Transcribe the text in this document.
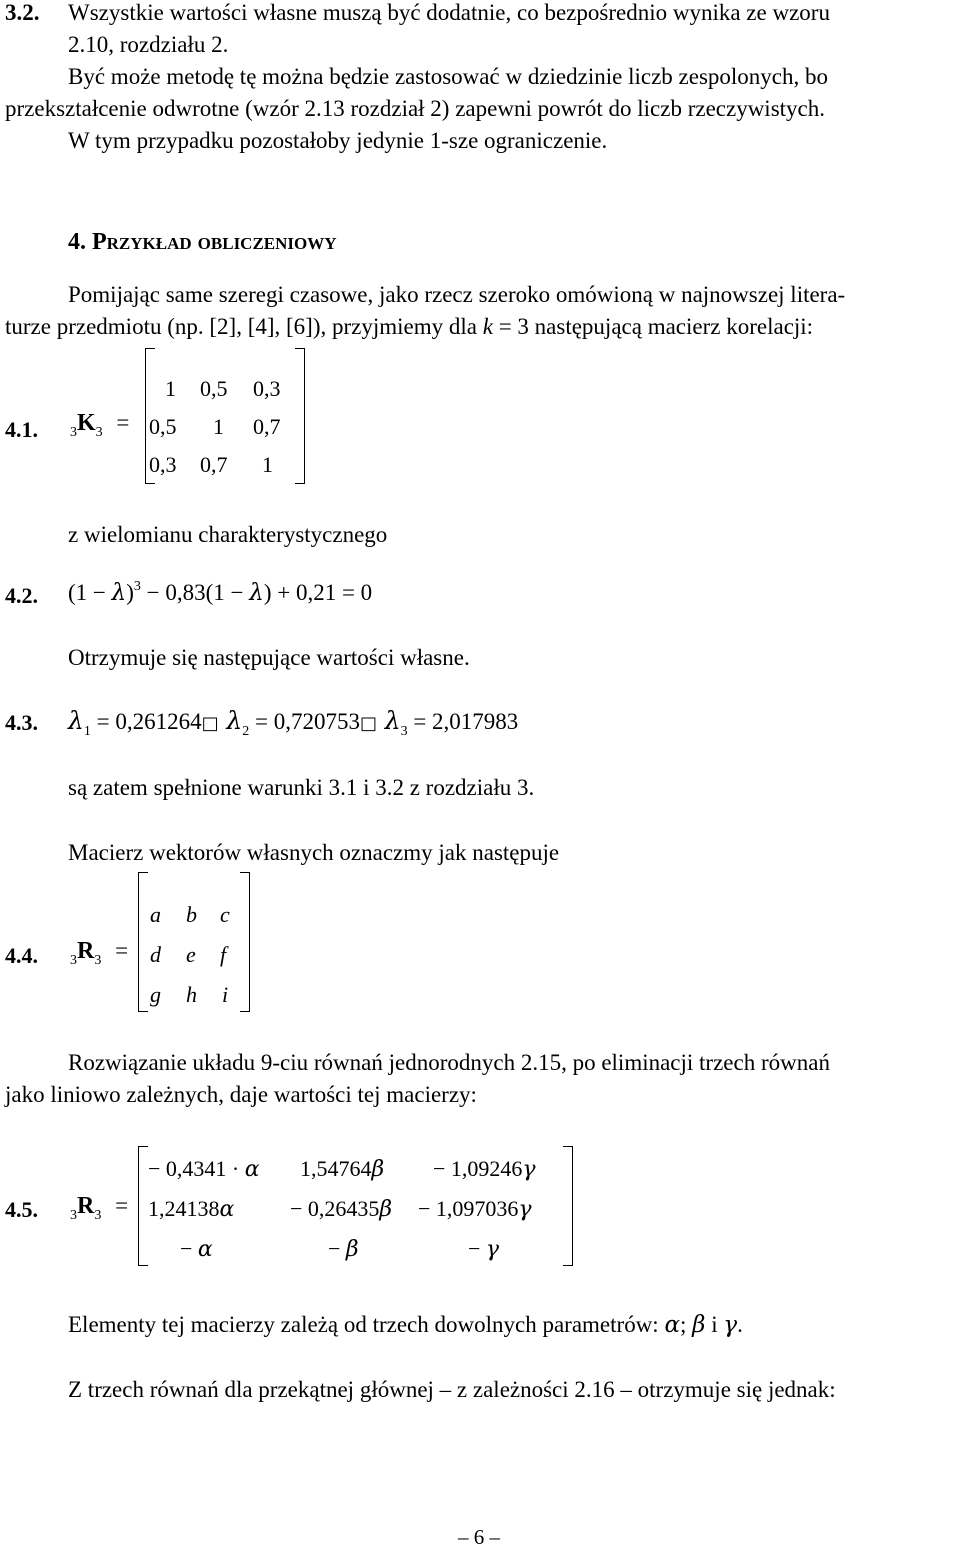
3.2. Wszystkie wartości własne muszą być dodatnie, co bezpośrednio wynika ze wzoru
2.10, rozdziału 2.
Być może metodę tę można będzie zastosować w dziedzinie liczb zespolonych, bo
przekształcenie odwrotne (wzór 2.13 rozdział 2) zapewni powrót do liczb rzeczywistych.
W tym przypadku pozostałoby jedynie 1-sze ograniczenie.
4. Przykład obliczeniowy
Pomijając same szeregi czasowe, jako rzecz szeroko omówioną w najnowszej litera-
turze przedmiotu (np. [2], [4], [6]), przyjmiemy dla k = 3 następującą macierz korelacji:
4.1. $_3K_3$ =
1 0,5 0,3
0,5 1 0,7
0,3 0,7 1
z wielomianu charakterystycznego
4.2. $(1 - \lambda)^3 - 0,83(1 - \lambda) + 0,21 = 0$
Otrzymuje się następujące wartości własne.
4.3. $\lambda_1$ = 0,261264□ $\lambda_2$ = 0,720753□ $\lambda_3 = 2,017983$
są zatem spełnione warunki 3.1 i 3.2 z rozdziału 3.
Macierz wektorów własnych oznaczmy jak następuje
4.4. $_3R_3$ =
a b c
d e f
g h i
Rozwiązanie układu 9-ciu równań jednorodnych 2.15, po eliminacji trzech równań
jako liniowo zależnych, daje wartości tej macierzy:
4.5. $_3R_3$ =
− 0,4341 · α 1,54764β − 1,09246γ
1,24138α	− 0,26435β − 1,097036γ
− α	− β	− γ
Elementy tej macierzy zależą od trzech dowolnych parametrów: α; β i γ.
Z trzech równań dla przekątnej głównej – z zależności 2.16 – otrzymuje się jednak:
– 6 –
